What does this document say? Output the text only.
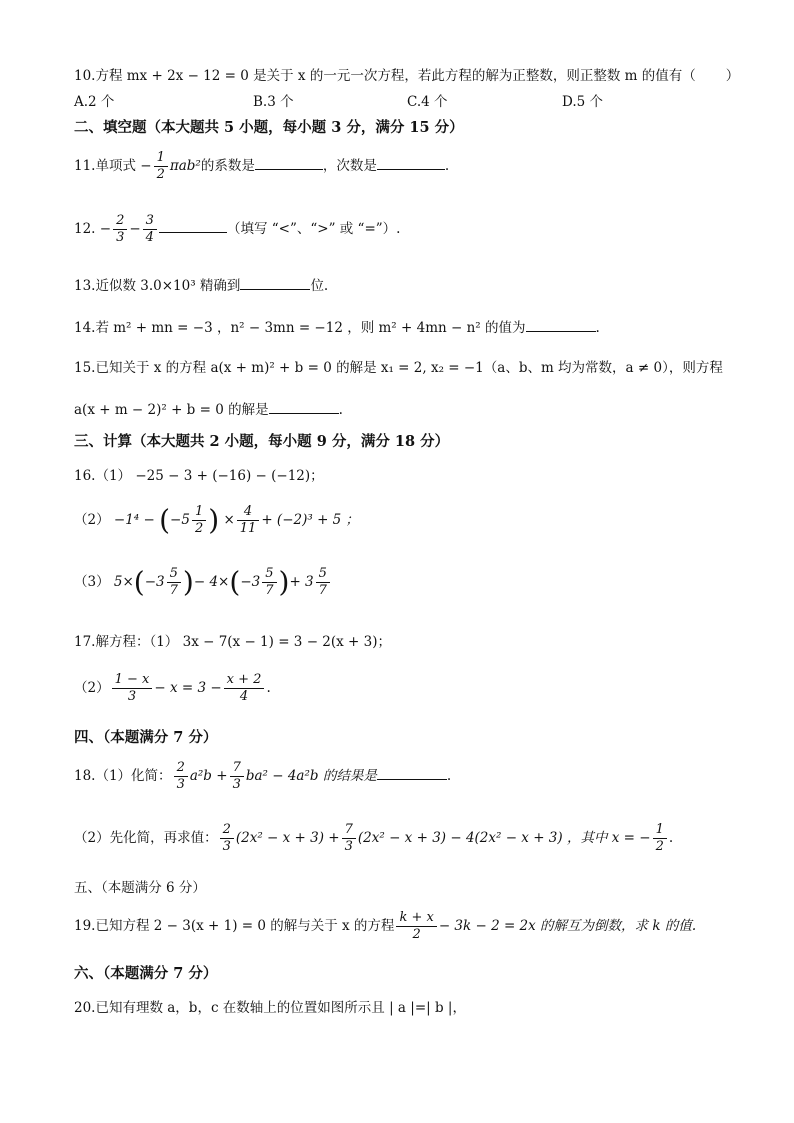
10.方程 mx + 2x − 12 = 0 是关于 x 的一元一次方程，若此方程的解为正整数，则正整数 m 的值有（ ）
A.2 个	B.3 个	C.4 个	D.5 个
二、填空题（本大题共 5 小题，每小题 3 分，满分 15 分）
11.单项式 − $\frac{1}{2} \pi ab^2$的系数是	，次数是	.
12. − $\frac{2}{3} - \frac{3}{4}$	（填写 “<”、“>” 或 “=”）.
13.近似数 3.0×10³ 精确到	位.
14.若 m² + mn = −3 ，n² − 3mn = −12 ，则 m² + 4mn − n² 的值为	.
15.已知关于 x 的方程 a(x + m)² + b = 0 的解是 x₁ = 2, x₂ = −1（a、b、m 均为常数，a ≠ 0），则方程
a(x + m − 2)² + b = 0 的解是	.
三、计算（本大题共 2 小题，每小题 9 分，满分 18 分）
16.（1） −25 − 3 + (−16) − (−12)；
$(2) -1^4 - (-5 \frac{1}{2}$ ) × $\frac{4}{11} + (-2)^3 + 5$ ；
（3） $5\times(-3 \frac{5}{7}$ )− $4\times(-3 \frac{5}{7}$ )+ $3 \frac{5}{7}$
17.解方程：（1） 3x − 7(x − 1) = 3 − 2(x + 3)；
$(2) \frac{1 - x}{3} - x = 3 - \frac{x + 2}{4}$ .
四、（本题满分 7 分）
18.（1）化简： $\frac{2}{3} a^2b + \frac{7}{3} ba^2 - 4a^2b$ 的结果是	.
（2）先化简，再求值： $\frac{2}{3} (2x^2 - x + 3) + \frac{7}{3} (2x^2 - x + 3) - 4(2x^2 - x + 3)$ ，其中 x = − $\frac{1}{2}$ .
五、（本题满分 6 分）
19.已知方程 2 − 3(x + 1) = 0 的解与关于 x 的方程 $\frac{k + x}{2} - 3k - 2 = 2x$ 的解互为倒数，求 k 的值.
六、（本题满分 7 分）
20.已知有理数 a，b，c 在数轴上的位置如图所示且 | a |=| b |，
